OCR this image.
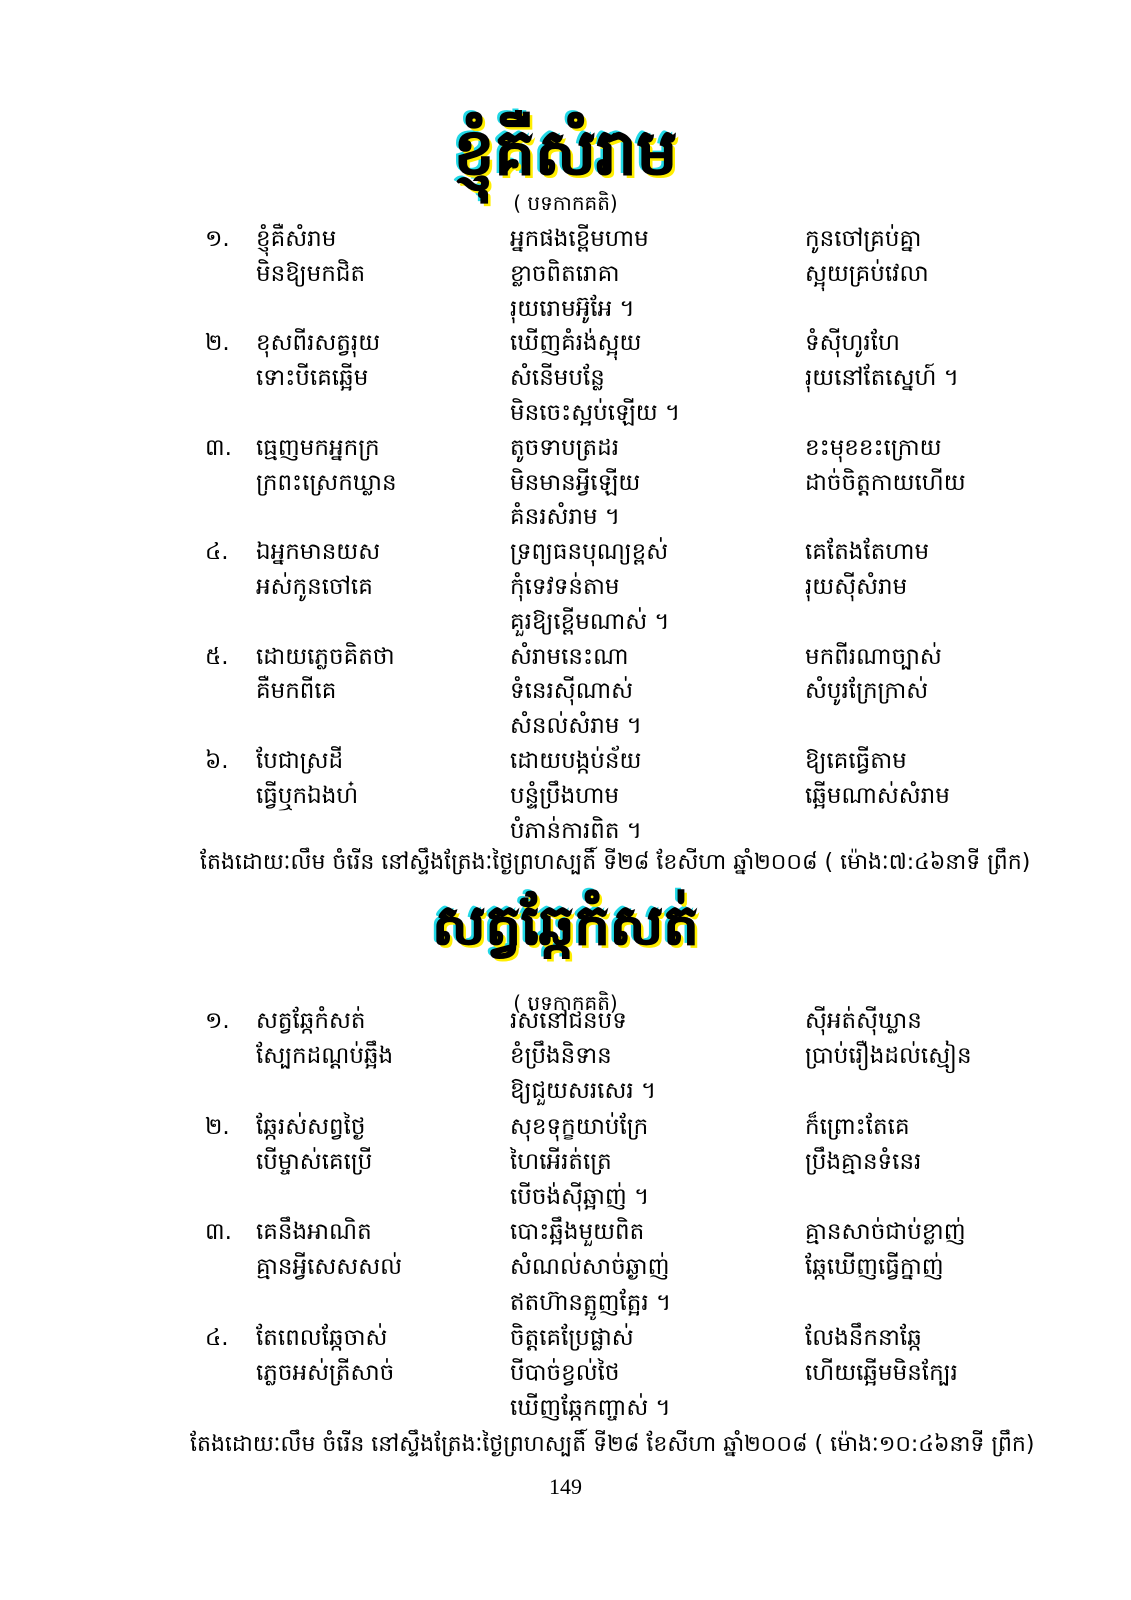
ខ្ញុំគឺសំរាម
( បទកាកគតិ)
១. ខ្ញុំគឺសំរាម
មិនឱ្យមកជិត
អ្នកផងខ្ពើមហាម
ខ្លាចពិតរោគា
រុយរោមអ៊ូអែ ។
កូនចៅគ្រប់គ្នា
ស្អុយគ្រប់វេលា
២. ខុសពីរសត្វរុយ
ទោះបីគេឆ្អើម
ឃើញគំរង់ស្អុយ
សំនើមបន្លែ
មិនចេះស្អប់ឡើយ ។
ទំស៊ីហូរហែ
រុយនៅតែស្នេហ៍ ។
៣. ធ្មេញមកអ្នកក្រ
ក្រពះស្រេកឃ្លាន
តូចទាបត្រដរ
មិនមានអ្វីឡើយ
គំនរសំរាម ។
ខះមុខខះក្រោយ
ដាច់ចិត្តកាយហើយ
៤. ឯអ្នកមានយស
អស់កូនចៅគេ
ទ្រព្យធនបុណ្យខ្ពស់
កុំទេវទន់តាម
គួរឱ្យខ្ពើមណាស់ ។
គេតែងតែហាម
រុយស៊ីសំរាម
៥. ដោយភ្លេចគិតថា
គឺមកពីគេ
សំរាមនេះណា
ទំនេរស៊ីណាស់
សំនល់សំរាម ។
មកពីរណាច្បាស់
សំបូរក្រែក្រាស់
៦. បែជាស្រដី
ធ្វើឬកឯងហ៎
ដោយបង្កប់ន័យ
បន្ទំប្រឹងហាម
បំភាន់ការពិត ។
ឱ្យគេធ្វើតាម
ឆ្អើមណាស់សំរាម
តែងដោយៈលឹម ចំរើន នៅស្ទឹងត្រែងៈថ្ងៃព្រហស្បតិ៍ ទី២៨ ខែសីហា ឆ្នាំ២០០៨ ( ម៉ោងៈ៧:៤៦នាទី ព្រឹក)
សត្វឆ្កែកំសត់
( បទកាកគតិ)
១. សត្វឆ្កែកំសត់
ស្បែកដណ្តប់ឆ្អឹង
រស់នៅជនបទ
ខំប្រឹងនិទាន
ឱ្យជួយសរសេរ ។
ស៊ីអត់ស៊ីឃ្លាន
ប្រាប់រឿងដល់ស្មៀន
២. ឆ្កែរស់សព្វថ្ងៃ
បើម្ចាស់គេប្រើ
សុខទុក្ខយាប់ក្រែ
ហៃអើរត់ត្រេ
បើចង់ស៊ីឆ្អាញ់ ។
ក៏ព្រោះតែគេ
ប្រឹងគ្មានទំនេរ
៣. គេនឹងអាណិត
គ្មានអ្វីសេសសល់
បោះឆ្អឹងមួយពិត
សំណល់សាច់ឆ្ងាញ់
ឥតហ៊ានត្អូញត្អែរ ។
គ្មានសាច់ជាប់ខ្លាញ់
ឆ្កែឃើញធ្វើក្នាញ់
៤. តែពេលឆ្កែចាស់
ភ្លេចអស់ត្រីសាច់
ចិត្តគេប្រែផ្លាស់
បីបាច់ខ្វល់ថៃ
ឃើញឆ្កែកញ្ចាស់ ។
លែងនឹកនាឆ្កែ
ហើយឆ្អើមមិនក្បែរ
តែងដោយៈលឹម ចំរើន នៅស្ទឹងត្រែងៈថ្ងៃព្រហស្បតិ៍ ទី២៨ ខែសីហា ឆ្នាំ២០០៨ ( ម៉ោងៈ១០:៤៦នាទី ព្រឹក)
149
